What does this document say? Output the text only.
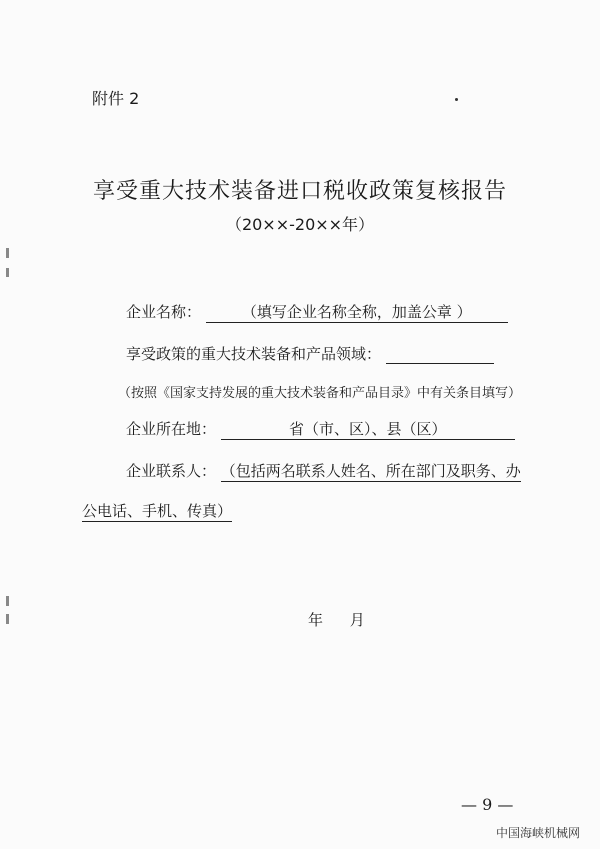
附件 2
享受重大技术装备进口税收政策复核报告
（20××-20××年）
企业名称：	（填写企业名称全称，加盖公章 ）
享受政策的重大技术装备和产品领域：
（按照《国家支持发展的重大技术装备和产品目录》中有关条目填写）
企业所在地：	省（市、区）、县（区）
企业联系人： （包括两名联系人姓名、所在部门及职务、办
公电话、手机、传真）
年 月
— 9 —
中国海峡机械网
